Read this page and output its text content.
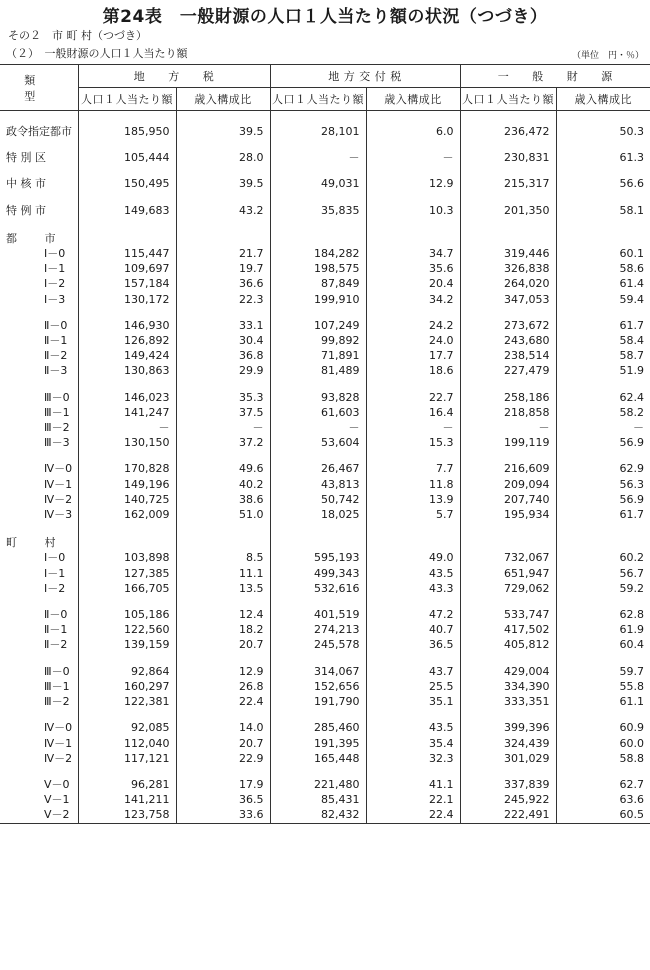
第24表　一般財源の人口１人当たり額の状況（つづき）
その２　市 町 村（つづき）
（２）　一般財源の人口１人当たり額	（単位　円・％）
類 型	地　　方　　税		地 方 交 付 税		一　　般　　財　　源	
	人口１人当たり額	歳入構成比	人口１人当たり額	歳入構成比	人口１人当たり額	歳入構成比

政令指定都市	185,950	39.5	28,101	6.0	236,472	50.3

特 別 区	105,444	28.0	－	－	230,831	61.3

中 核 市	150,495	39.5	49,031	12.9	215,317	56.6

特 例 市	149,683	43.2	35,835	10.3	201,350	58.1

都 市						
Ⅰ－0	115,447	21.7	184,282	34.7	319,446	60.1
Ⅰ－1	109,697	19.7	198,575	35.6	326,838	58.6
Ⅰ－2	157,184	36.6	87,849	20.4	264,020	61.4
Ⅰ－3	130,172	22.3	199,910	34.2	347,053	59.4

Ⅱ－0	146,930	33.1	107,249	24.2	273,672	61.7
Ⅱ－1	126,892	30.4	99,892	24.0	243,680	58.4
Ⅱ－2	149,424	36.8	71,891	17.7	238,514	58.7
Ⅱ－3	130,863	29.9	81,489	18.6	227,479	51.9

Ⅲ－0	146,023	35.3	93,828	22.7	258,186	62.4
Ⅲ－1	141,247	37.5	61,603	16.4	218,858	58.2
Ⅲ－2	－	－	－	－	－	－
Ⅲ－3	130,150	37.2	53,604	15.3	199,119	56.9

Ⅳ－0	170,828	49.6	26,467	7.7	216,609	62.9
Ⅳ－1	149,196	40.2	43,813	11.8	209,094	56.3
Ⅳ－2	140,725	38.6	50,742	13.9	207,740	56.9
Ⅳ－3	162,009	51.0	18,025	5.7	195,934	61.7

町 村						
Ⅰ－0	103,898	8.5	595,193	49.0	732,067	60.2
Ⅰ－1	127,385	11.1	499,343	43.5	651,947	56.7
Ⅰ－2	166,705	13.5	532,616	43.3	729,062	59.2

Ⅱ－0	105,186	12.4	401,519	47.2	533,747	62.8
Ⅱ－1	122,560	18.2	274,213	40.7	417,502	61.9
Ⅱ－2	139,159	20.7	245,578	36.5	405,812	60.4

Ⅲ－0	92,864	12.9	314,067	43.7	429,004	59.7
Ⅲ－1	160,297	26.8	152,656	25.5	334,390	55.8
Ⅲ－2	122,381	22.4	191,790	35.1	333,351	61.1

Ⅳ－0	92,085	14.0	285,460	43.5	399,396	60.9
Ⅳ－1	112,040	20.7	191,395	35.4	324,439	60.0
Ⅳ－2	117,121	22.9	165,448	32.3	301,029	58.8

Ⅴ－0	96,281	17.9	221,480	41.1	337,839	62.7
Ⅴ－1	141,211	36.5	85,431	22.1	245,922	63.6
Ⅴ－2	123,758	33.6	82,432	22.4	222,491	60.5
